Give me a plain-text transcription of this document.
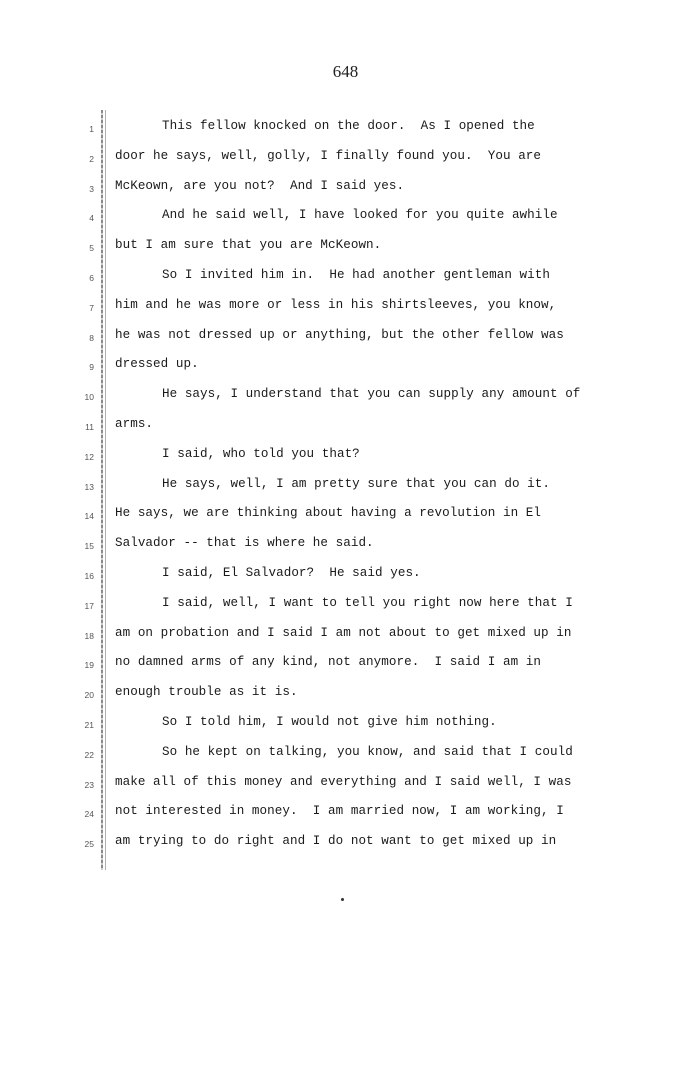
648
1	This fellow knocked on the door.  As I opened the
2 door he says, well, golly, I finally found you.  You are
3 McKeown, are you not?  And I said yes.
4	And he said well, I have looked for you quite awhile
5 but I am sure that you are McKeown.
6	So I invited him in.  He had another gentleman with
7 him and he was more or less in his shirtsleeves, you know,
8 he was not dressed up or anything, but the other fellow was
9 dressed up.
10	He says, I understand that you can supply any amount of
11 arms.
12	I said, who told you that?
13	He says, well, I am pretty sure that you can do it.
14 He says, we are thinking about having a revolution in El
15 Salvador -- that is where he said.
16	I said, El Salvador?  He said yes.
17	I said, well, I want to tell you right now here that I
18 am on probation and I said I am not about to get mixed up in
19 no damned arms of any kind, not anymore.  I said I am in
20 enough trouble as it is.
21	So I told him, I would not give him nothing.
22	So he kept on talking, you know, and said that I could
23 make all of this money and everything and I said well, I was
24 not interested in money.  I am married now, I am working, I
25 am trying to do right and I do not want to get mixed up in
